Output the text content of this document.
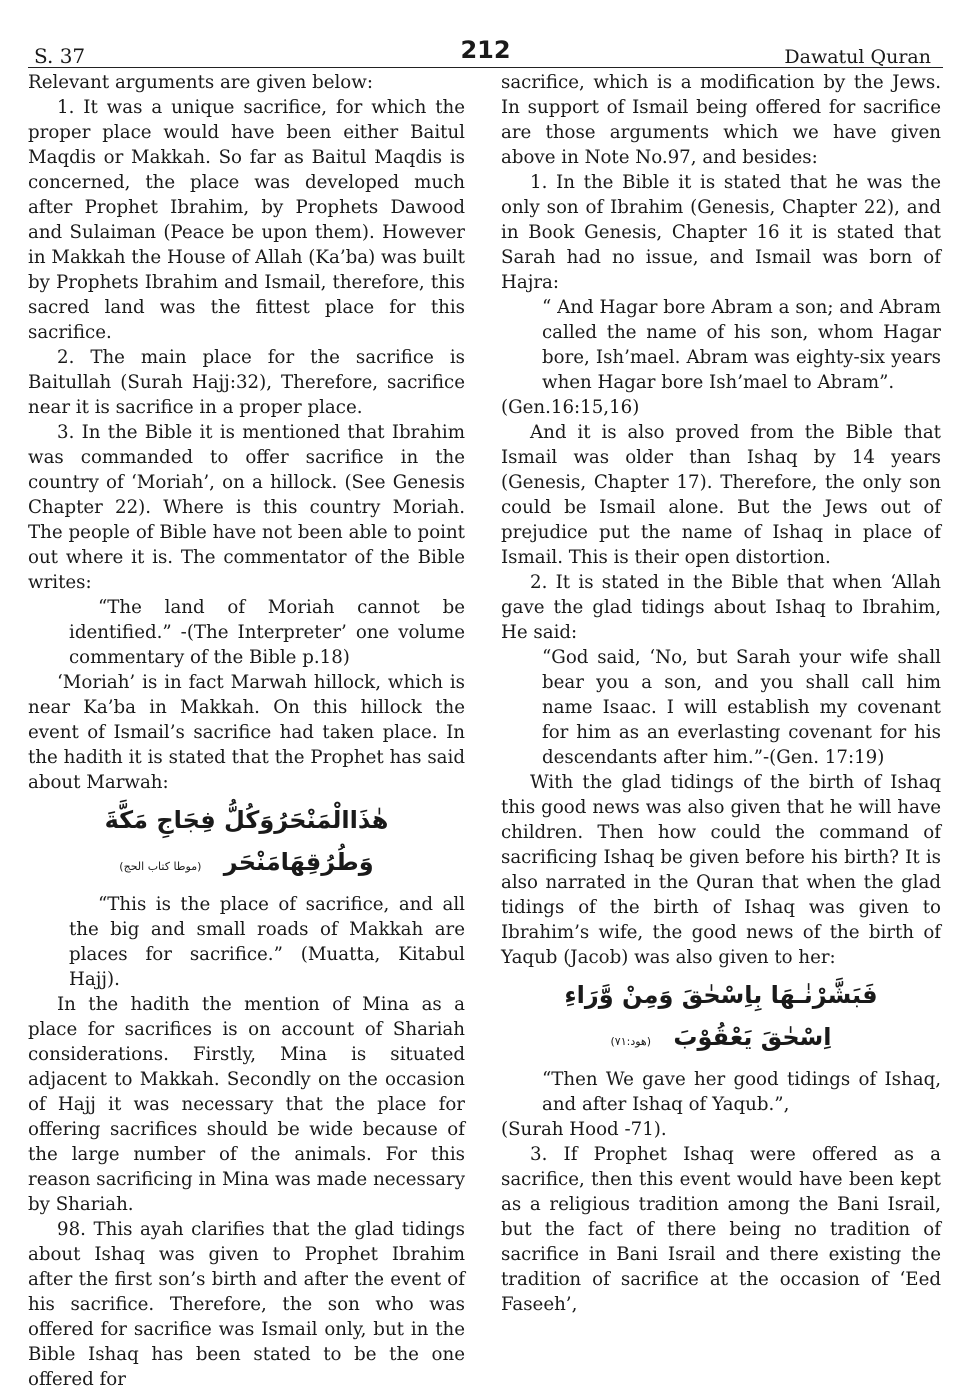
S. 37	212	Dawatul Quran

Relevant arguments are given below:

1. It was a unique sacrifice, for which the proper place would have been either Baitul Maqdis or Makkah. So far as Baitul Maqdis is concerned, the place was developed much after Prophet Ibrahim, by Prophets Dawood and Sulaiman (Peace be upon them). However in Makkah the House of Allah (Ka’ba) was built by Prophets Ibrahim and Ismail, therefore, this sacred land was the fittest place for this sacrifice.

2. The main place for the sacrifice is Baitullah (Surah Hajj:32), Therefore, sacrifice near it is sacrifice in a proper place.

3. In the Bible it is mentioned that Ibrahim was commanded to offer sacrifice in the country of ‘Moriah’, on a hillock. (See Genesis Chapter 22). Where is this country Moriah. The people of Bible have not been able to point out where it is. The commentator of the Bible writes:

“The land of Moriah cannot be identified.” -(The Interpreter’ one volume commentary of the Bible p.18)

‘Moriah’ is in fact Marwah hillock, which is near Ka’ba in Makkah. On this hillock the event of Ismail’s sacrifice had taken place. In the hadith it is stated that the Prophet has said about Marwah:

هٰذَاالْمَنْحَرُوَكُلُّ فِجَاجِ مَكَّةَ
وَطُرُقِهَامَنْحَر (موطا كتاب الحج)

“This is the place of sacrifice, and all the big and small roads of Makkah are places for sacrifice.” (Muatta, Kitabul Hajj).

In the hadith the mention of Mina as a place for sacrifices is on account of Shariah considerations. Firstly, Mina is situated adjacent to Makkah. Secondly on the occasion of Hajj it was necessary that the place for offering sacrifices should be wide because of the large number of the animals. For this reason sacrificing in Mina was made necessary by Shariah.

98. This ayah clarifies that the glad tidings about Ishaq was given to Prophet Ibrahim after the first son’s birth and after the event of his sacrifice. Therefore, the son who was offered for sacrifice was Ismail only, but in the Bible Ishaq has been stated to be the one offered for

sacrifice, which is a modification by the Jews. In support of Ismail being offered for sacrifice are those arguments which we have given above in Note No.97, and besides:

1. In the Bible it is stated that he was the only son of Ibrahim (Genesis, Chapter 22), and in Book Genesis, Chapter 16 it is stated that Sarah had no issue, and Ismail was born of Hajra:

“ And Hagar bore Abram a son; and Abram called the name of his son, whom Hagar bore, Ish’mael. Abram was eighty-six years when Hagar bore Ish’mael to Abram”.

(Gen.16:15,16)

And it is also proved from the Bible that Ismail was older than Ishaq by 14 years (Genesis, Chapter 17). Therefore, the only son could be Ismail alone. But the Jews out of prejudice put the name of Ishaq in place of Ismail. This is their open distortion.

2. It is stated in the Bible that when ‘Allah gave the glad tidings about Ishaq to Ibrahim, He said:

“God said, ‘No, but Sarah your wife shall bear you a son, and you shall call him name Isaac. I will establish my covenant for him as an everlasting covenant for his descendants after him.”-(Gen. 17:19)

With the glad tidings of the birth of Ishaq this good news was also given that he will have children. Then how could the command of sacrificing Ishaq be given before his birth? It is also narrated in the Quran that when the glad tidings of the birth of Ishaq was given to Ibrahim’s wife, the good news of the birth of Yaqub (Jacob) was also given to her:

فَبَشَّرْنٰـهَا بِاِسْحٰقَ وَمِنْ وَّرَاءِ
اِسْحٰقَ يَعْقُوْبَ (هود:٧١)

“Then We gave her good tidings of Ishaq, and after Ishaq of Yaqub.”,

(Surah Hood -71).

3. If Prophet Ishaq were offered as a sacrifice, then this event would have been kept as a religious tradition among the Bani Israil, but the fact of there being no tradition of sacrifice in Bani Israil and there existing the tradition of sacrifice at the occasion of ‘Eed Faseeh’,
